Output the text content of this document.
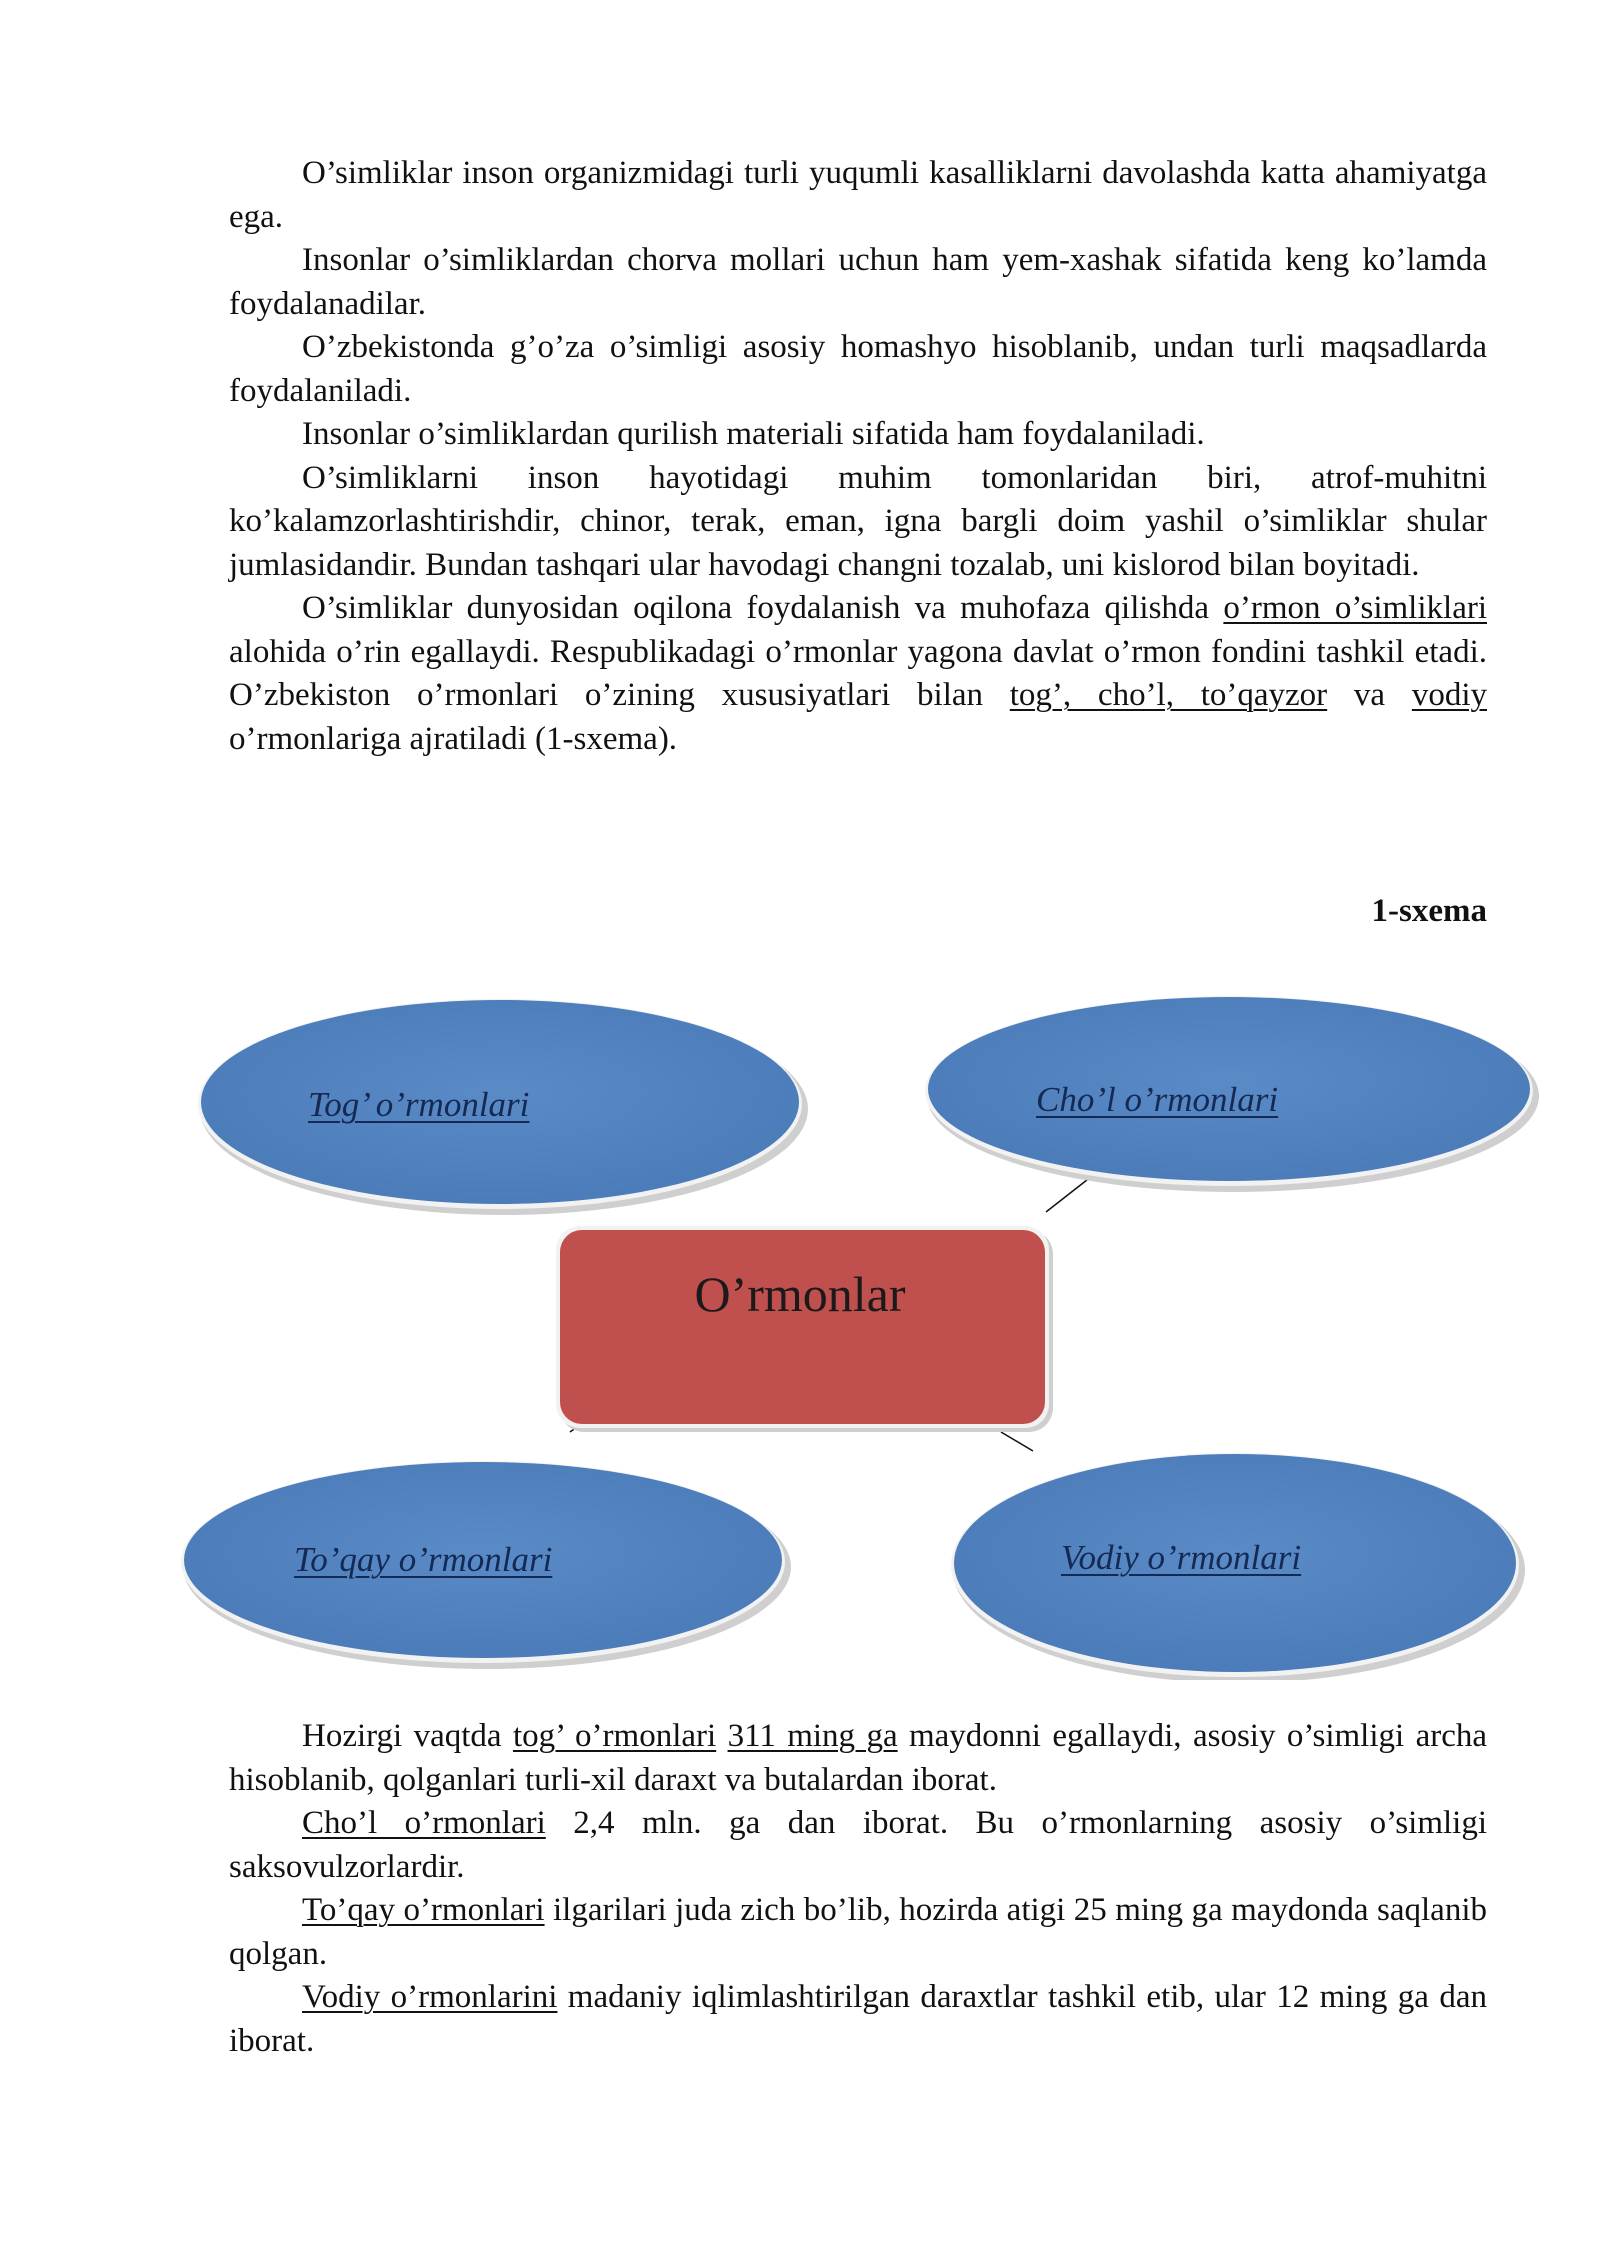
O’simliklar inson organizmidagi turli yuqumli kasalliklarni davolashda katta ahamiyatga ega.

Insonlar o’simliklardan chorva mollari uchun ham yem-xashak sifatida keng ko’lamda foydalanadilar.

O’zbekistonda g’o’za o’simligi asosiy homashyo hisoblanib, undan turli maqsadlarda foydalaniladi.

Insonlar o’simliklardan qurilish materiali sifatida ham foydalaniladi.

O’simliklarni inson hayotidagi muhim tomonlaridan biri, atrof-muhitni ko’kalamzorlashtirishdir, chinor, terak, eman, igna bargli doim yashil o’simliklar shular jumlasidandir. Bundan tashqari ular havodagi changni tozalab, uni kislorod bilan boyitadi.

O’simliklar dunyosidan oqilona foydalanish va muhofaza qilishda o’rmon o’simliklari alohida o’rin egallaydi. Respublikadagi o’rmonlar yagona davlat o’rmon fondini tashkil etadi. O’zbekiston o’rmonlari o’zining xususiyatlari bilan tog’, cho’l, to’qayzor va vodiy o’rmonlariga ajratiladi (1-sxema).

1-sxema
Tog’ o’rmonlari	Cho’l o’rmonlari
O’rmonlar
To’qay o’rmonlari	Vodiy o’rmonlari

Hozirgi vaqtda tog’ o’rmonlari 311 ming ga maydonni egallaydi, asosiy o’simligi archa hisoblanib, qolganlari turli-xil daraxt va butalardan iborat.

Cho’l o’rmonlari 2,4 mln. ga dan iborat. Bu o’rmonlarning asosiy o’simligi saksovulzorlardir.

To’qay o’rmonlari ilgarilari juda zich bo’lib, hozirda atigi 25 ming ga maydonda saqlanib qolgan.

Vodiy o’rmonlarini madaniy iqlimlashtirilgan daraxtlar tashkil etib, ular 12 ming ga dan iborat.
